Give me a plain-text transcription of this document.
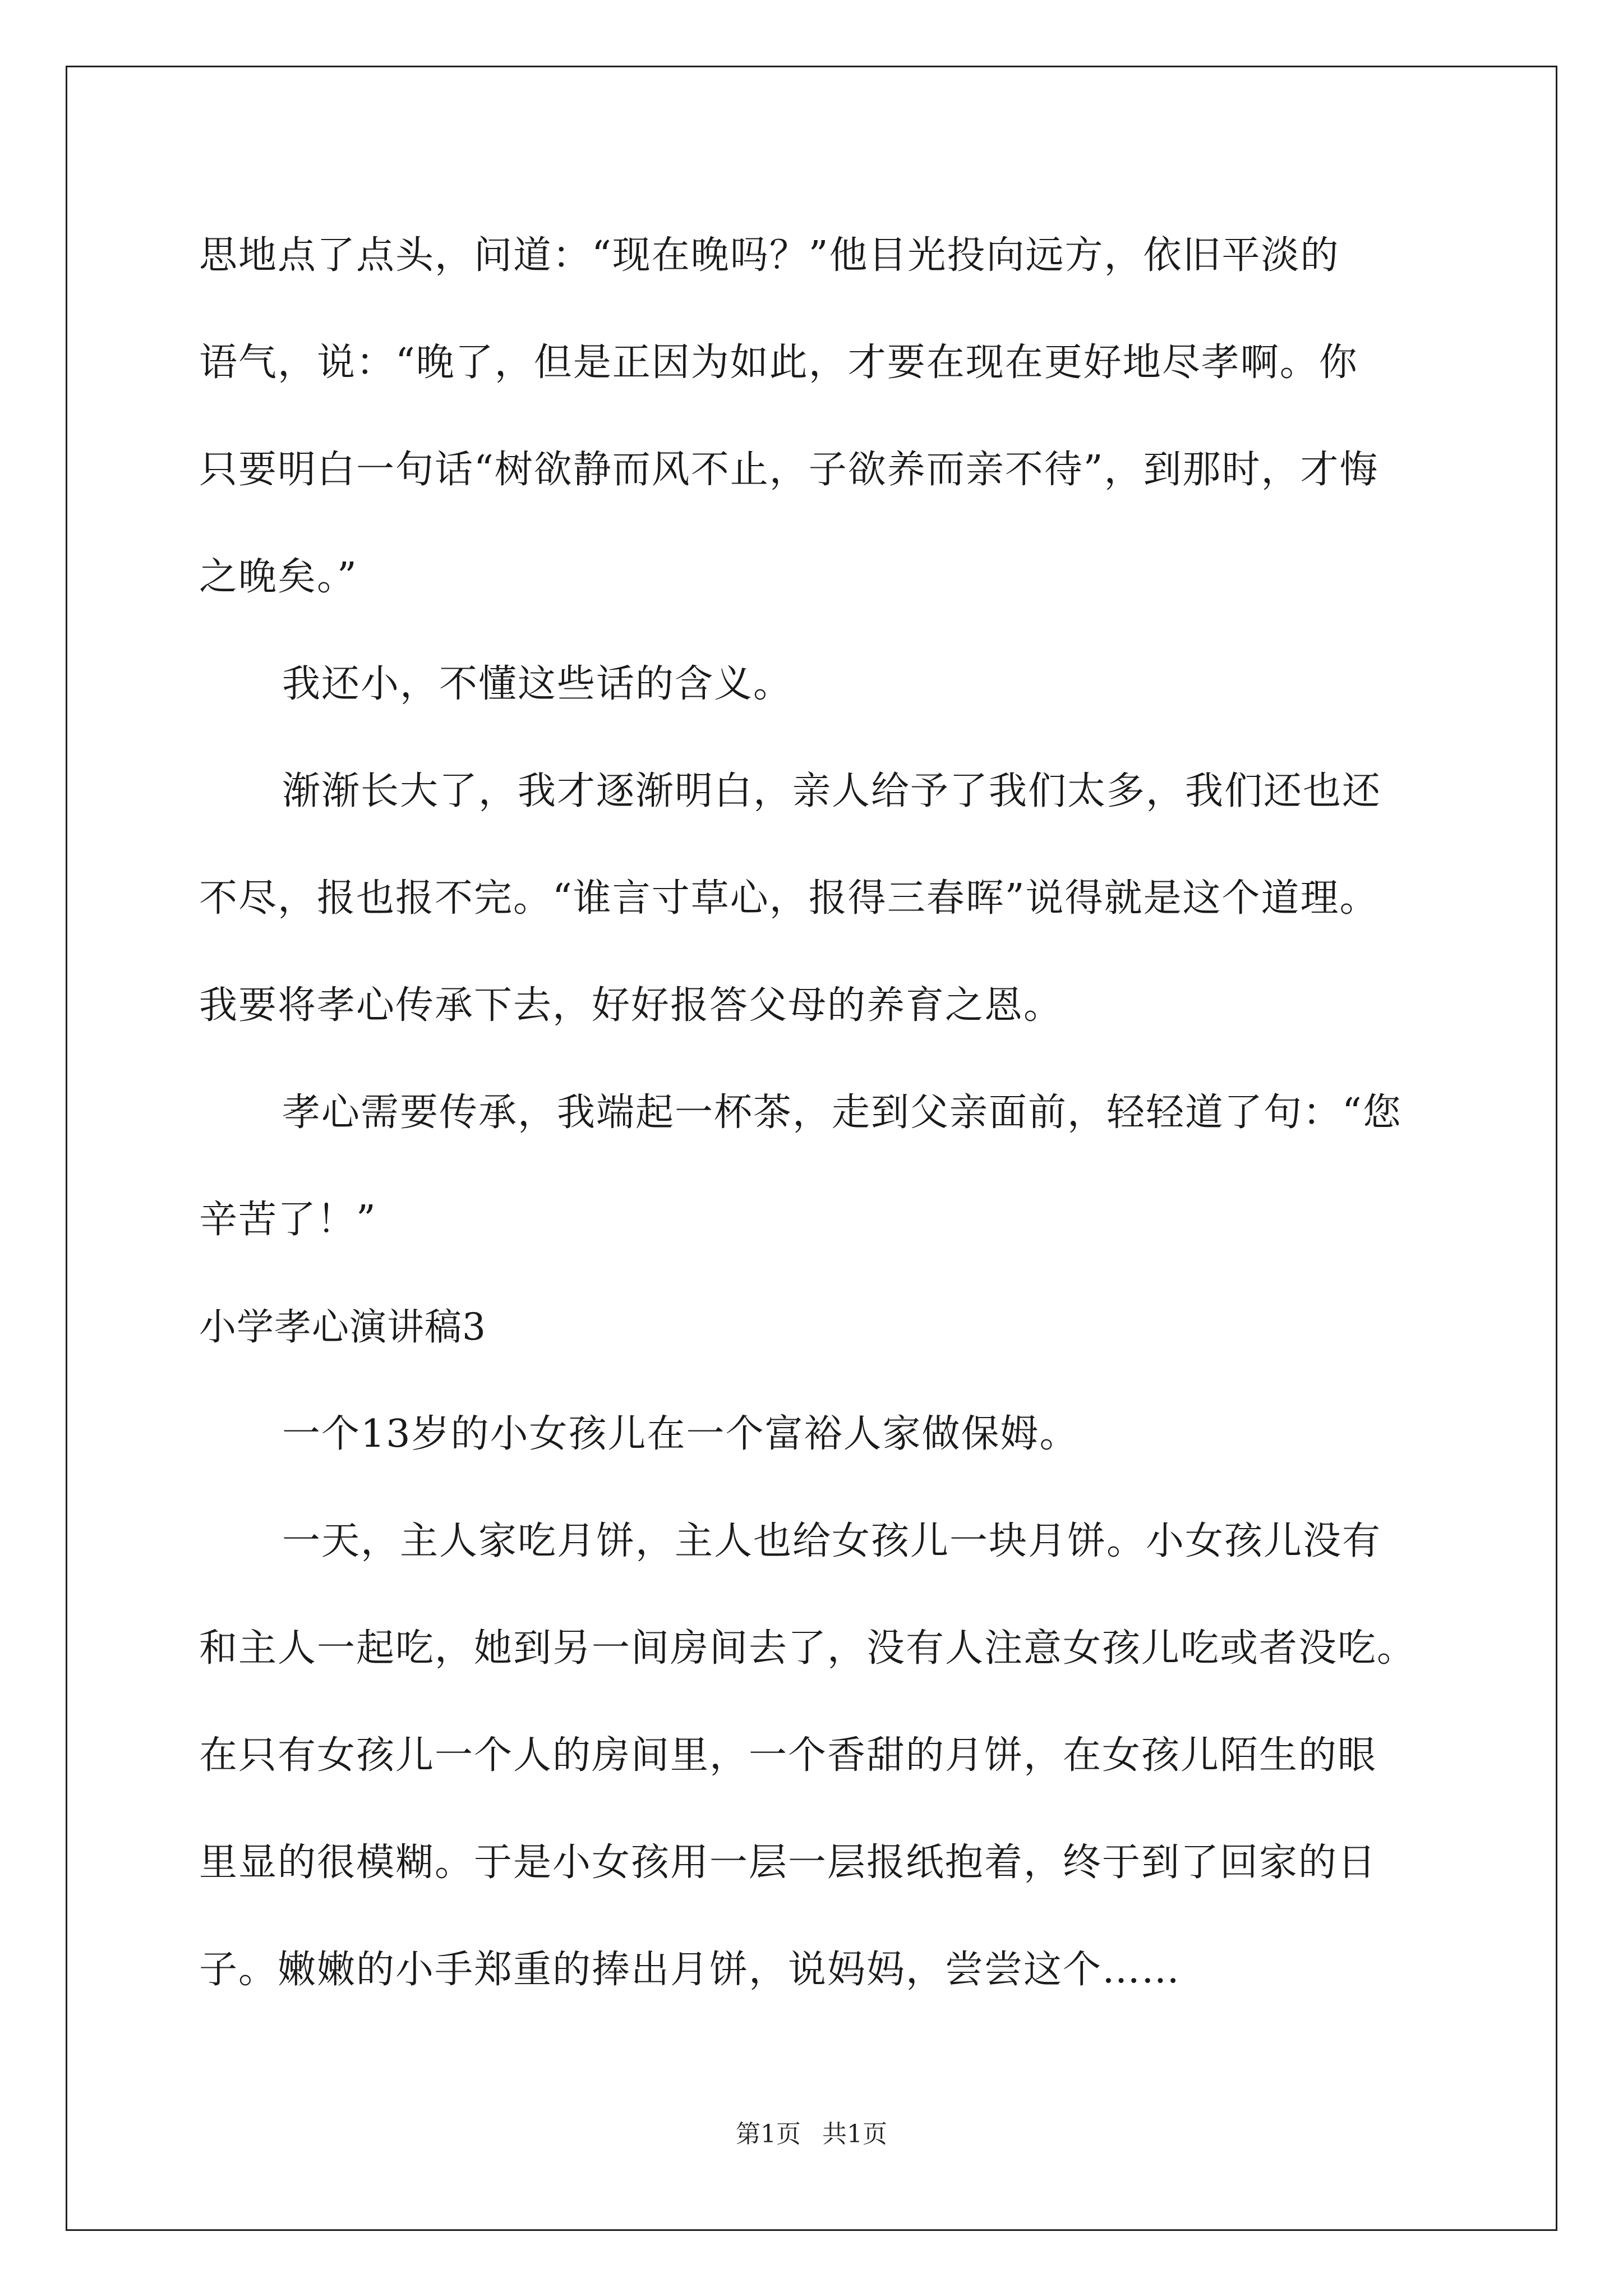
思地点了点头，问道：“现在晚吗？”他目光投向远方，依旧平淡的
语气，说：“晚了，但是正因为如此，才要在现在更好地尽孝啊。你
只要明白一句话“树欲静而风不止，子欲养而亲不待”，到那时，才悔
之晚矣。”
我还小，不懂这些话的含义。
渐渐长大了，我才逐渐明白，亲人给予了我们太多，我们还也还
不尽，报也报不完。“谁言寸草心，报得三春晖”说得就是这个道理。
我要将孝心传承下去，好好报答父母的养育之恩。
孝心需要传承，我端起一杯茶，走到父亲面前，轻轻道了句：“您
辛苦了！”
小学孝心演讲稿3
一个13岁的小女孩儿在一个富裕人家做保姆。
一天，主人家吃月饼，主人也给女孩儿一块月饼。小女孩儿没有
和主人一起吃，她到另一间房间去了，没有人注意女孩儿吃或者没吃。
在只有女孩儿一个人的房间里，一个香甜的月饼，在女孩儿陌生的眼
里显的很模糊。于是小女孩用一层一层报纸抱着，终于到了回家的日
子。嫩嫩的小手郑重的捧出月饼，说妈妈，尝尝这个……
第1页 共1页
